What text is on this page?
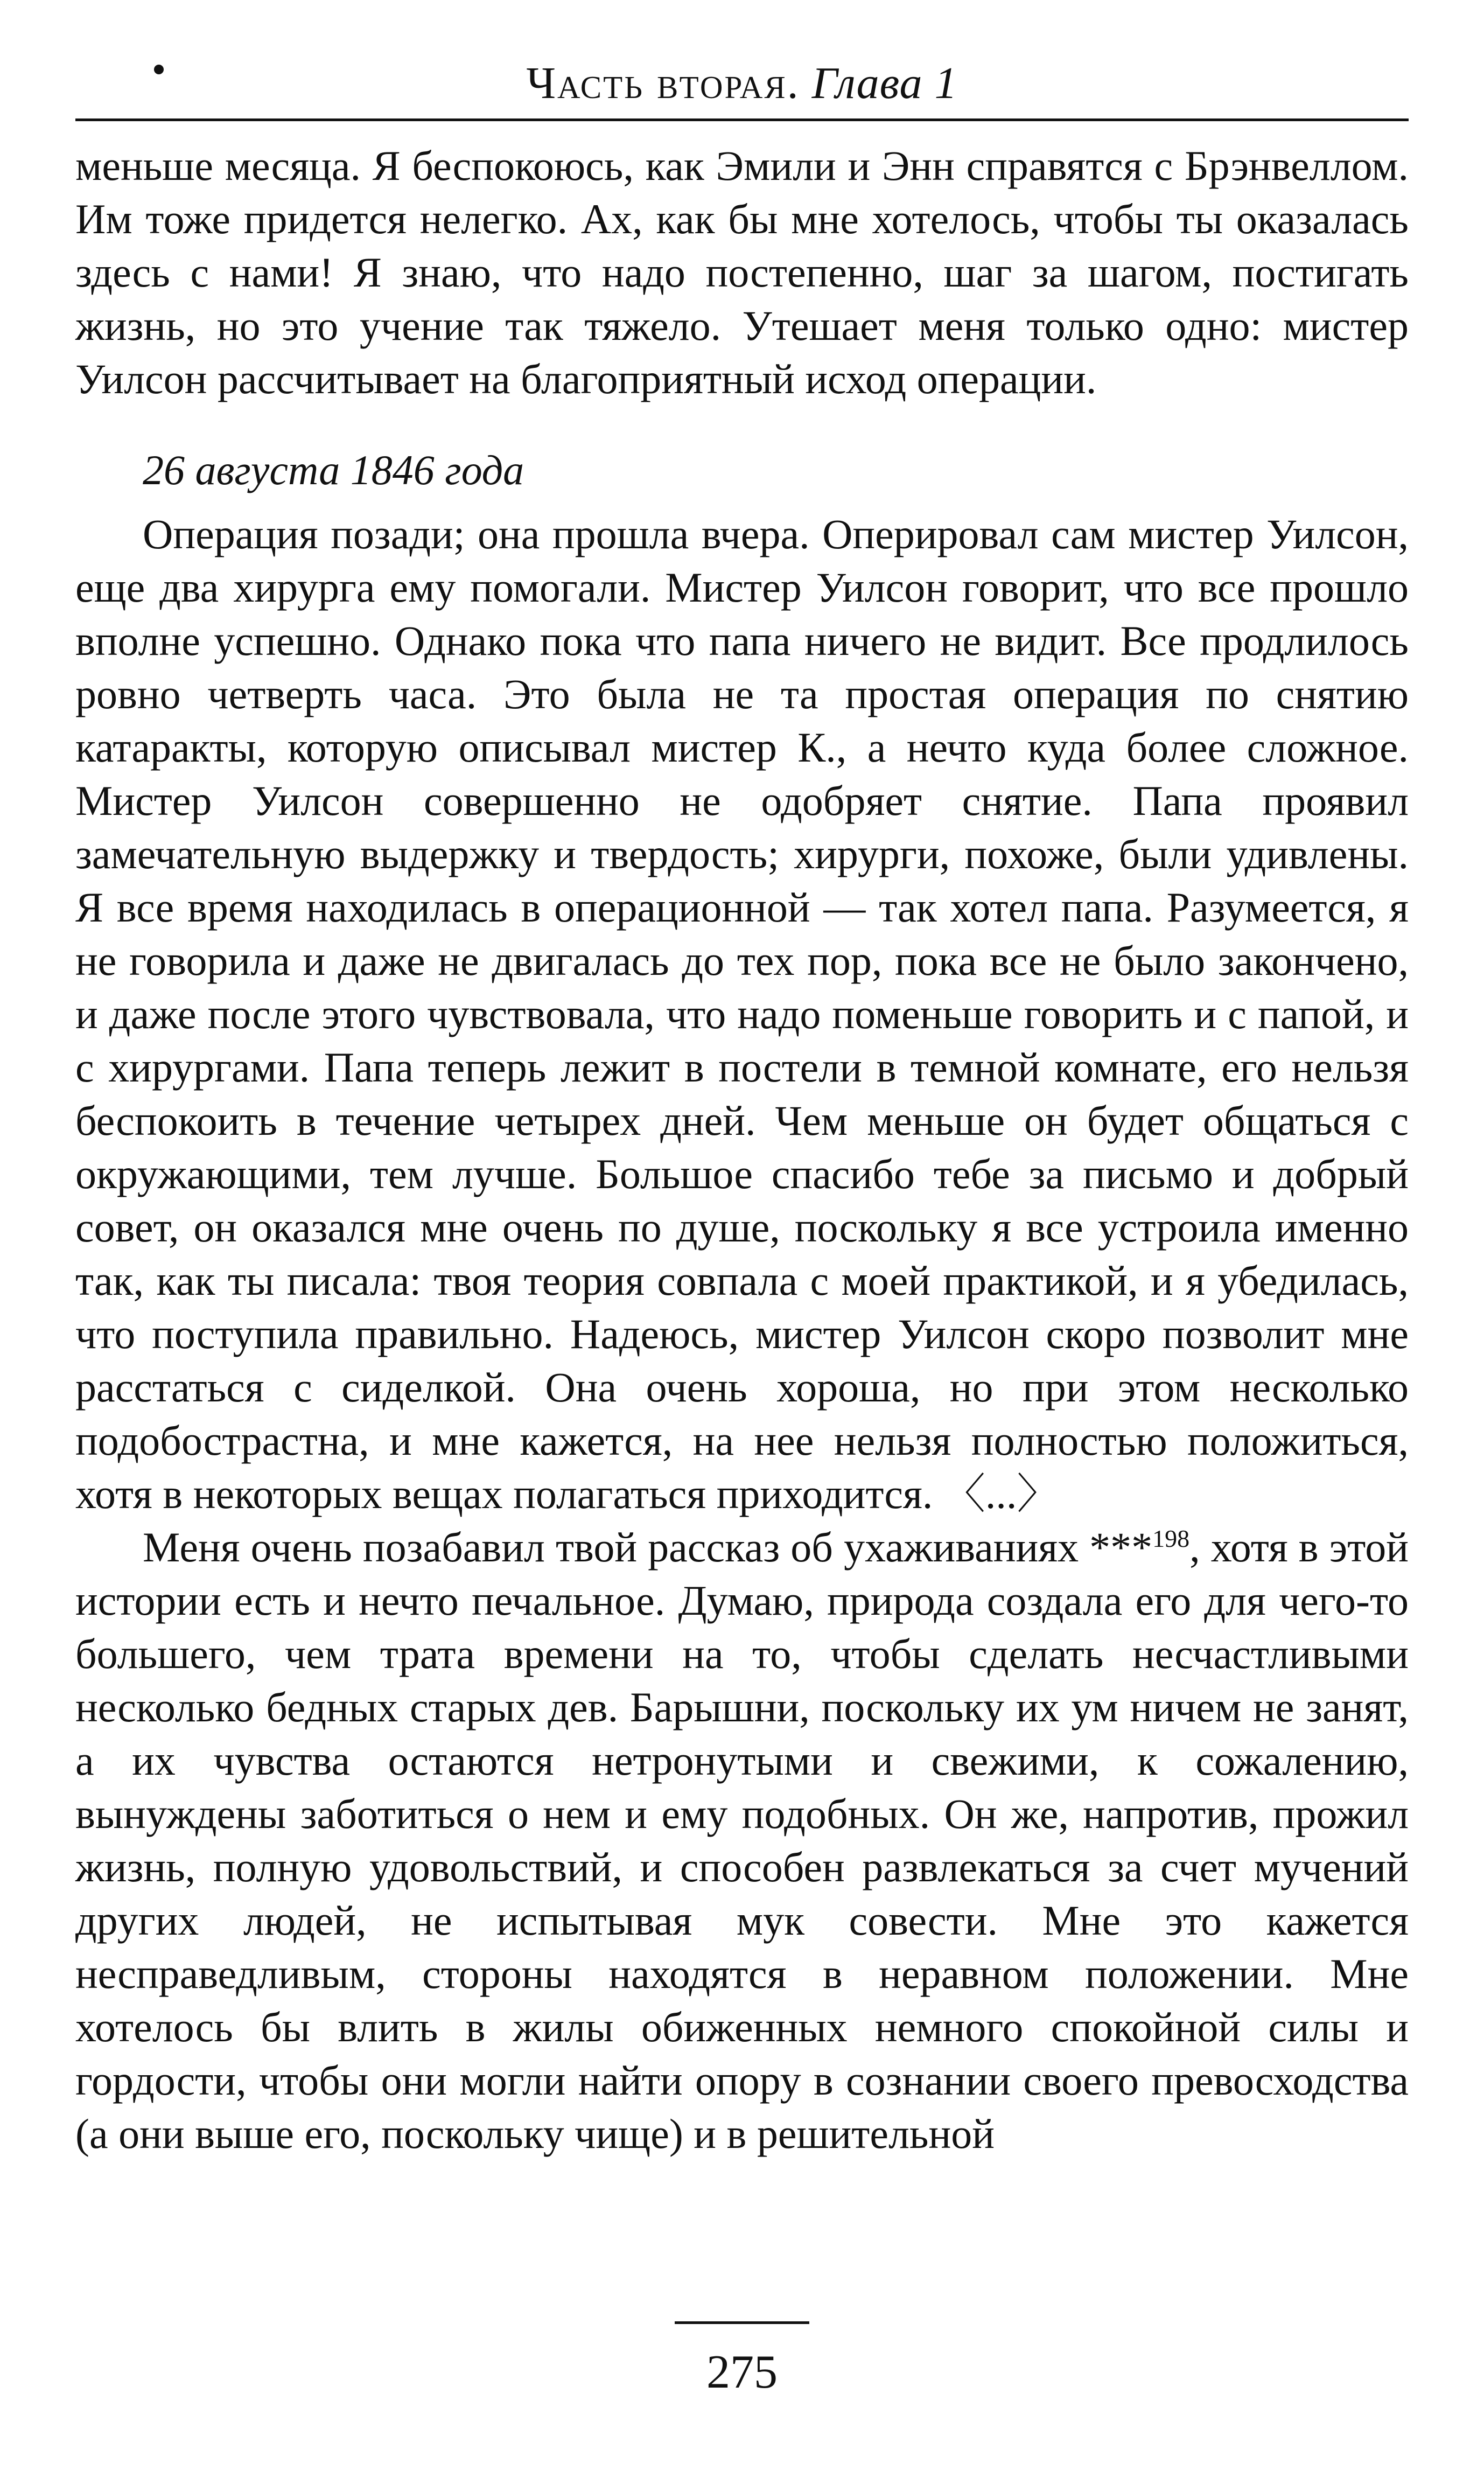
Часть вторая. Глава 1

меньше месяца. Я беспокоюсь, как Эмили и Энн справятся с Брэнвеллом. Им тоже придется нелегко. Ах, как бы мне хотелось, чтобы ты оказалась здесь с нами! Я знаю, что надо постепенно, шаг за шагом, постигать жизнь, но это учение так тяжело. Утешает меня только одно: мистер Уилсон рассчитывает на благоприятный исход операции.

26 августа 1846 года

Операция позади; она прошла вчера. Оперировал сам мистер Уилсон, еще два хирурга ему помогали. Мистер Уилсон говорит, что все прошло вполне успешно. Однако пока что папа ничего не видит. Все продлилось ровно четверть часа. Это была не та простая операция по снятию катаракты, которую описывал мистер К., а нечто куда более сложное. Мистер Уилсон совершенно не одобряет снятие. Папа проявил замечательную выдержку и твердость; хирурги, похоже, были удивлены. Я все время находилась в операционной — так хотел папа. Разумеется, я не говорила и даже не двигалась до тех пор, пока все не было закончено, и даже после этого чувствовала, что надо поменьше говорить и с папой, и с хирургами. Папа теперь лежит в постели в темной комнате, его нельзя беспокоить в течение четырех дней. Чем меньше он будет общаться с окружающими, тем лучше. Большое спасибо тебе за письмо и добрый совет, он оказался мне очень по душе, поскольку я все устроила именно так, как ты писала: твоя теория совпала с моей практикой, и я убедилась, что поступила правильно. Надеюсь, мистер Уилсон скоро позволит мне расстаться с сиделкой. Она очень хороша, но при этом несколько подобострастна, и мне кажется, на нее нельзя полностью положиться, хотя в некоторых вещах полагаться приходится. 〈...〉

Меня очень позабавил твой рассказ об ухаживаниях ***$^{198}$, хотя в этой истории есть и нечто печальное. Думаю, природа создала его для чего-то большего, чем трата времени на то, чтобы сделать несчастливыми несколько бедных старых дев. Барышни, поскольку их ум ничем не занят, а их чувства остаются нетронутыми и свежими, к сожалению, вынуждены заботиться о нем и ему подобных. Он же, напротив, прожил жизнь, полную удовольствий, и способен развлекаться за счет мучений других людей, не испытывая мук совести. Мне это кажется несправедливым, стороны находятся в неравном положении. Мне хотелось бы влить в жилы обиженных немного спокойной силы и гордости, чтобы они могли найти опору в сознании своего превосходства (а они выше его, поскольку чище) и в решительной

275
